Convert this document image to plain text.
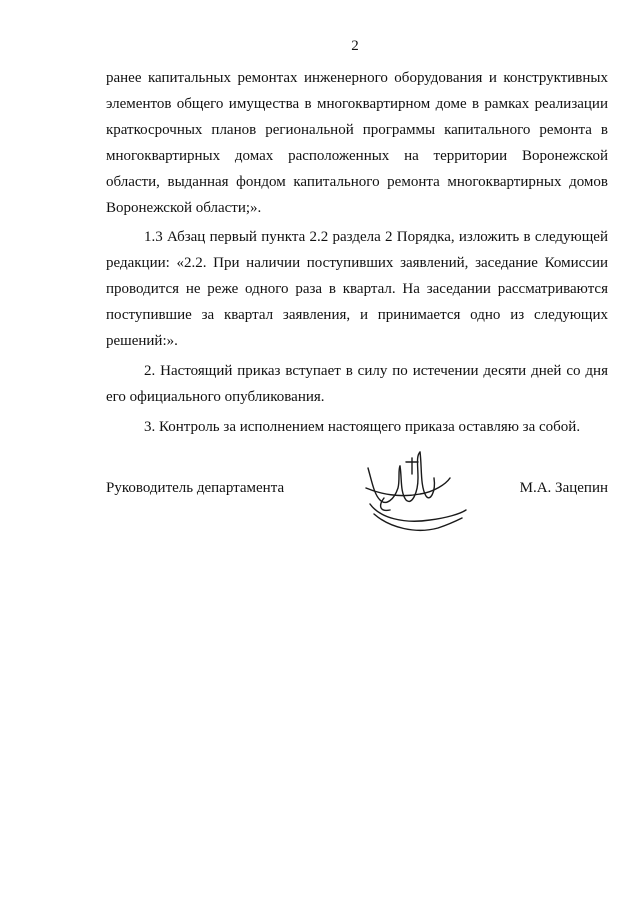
2

ранее капитальных ремонтах инженерного оборудования и конструктивных элементов общего имущества в многоквартирном доме в рамках реализации краткосрочных планов региональной программы капитального ремонта в многоквартирных домах расположенных на территории Воронежской области, выданная фондом капитального ремонта многоквартирных домов Воронежской области;».

1.3 Абзац первый пункта 2.2 раздела 2 Порядка, изложить в следующей редакции: «2.2. При наличии поступивших заявлений, заседание Комиссии проводится не реже одного раза в квартал. На заседании рассматриваются поступившие за квартал заявления, и принимается одно из следующих решений:».

2. Настоящий приказ вступает в силу по истечении десяти дней со дня его официального опубликования.

3. Контроль за исполнением настоящего приказа оставляю за собой.

Руководитель департамента	М.А. Зацепин
